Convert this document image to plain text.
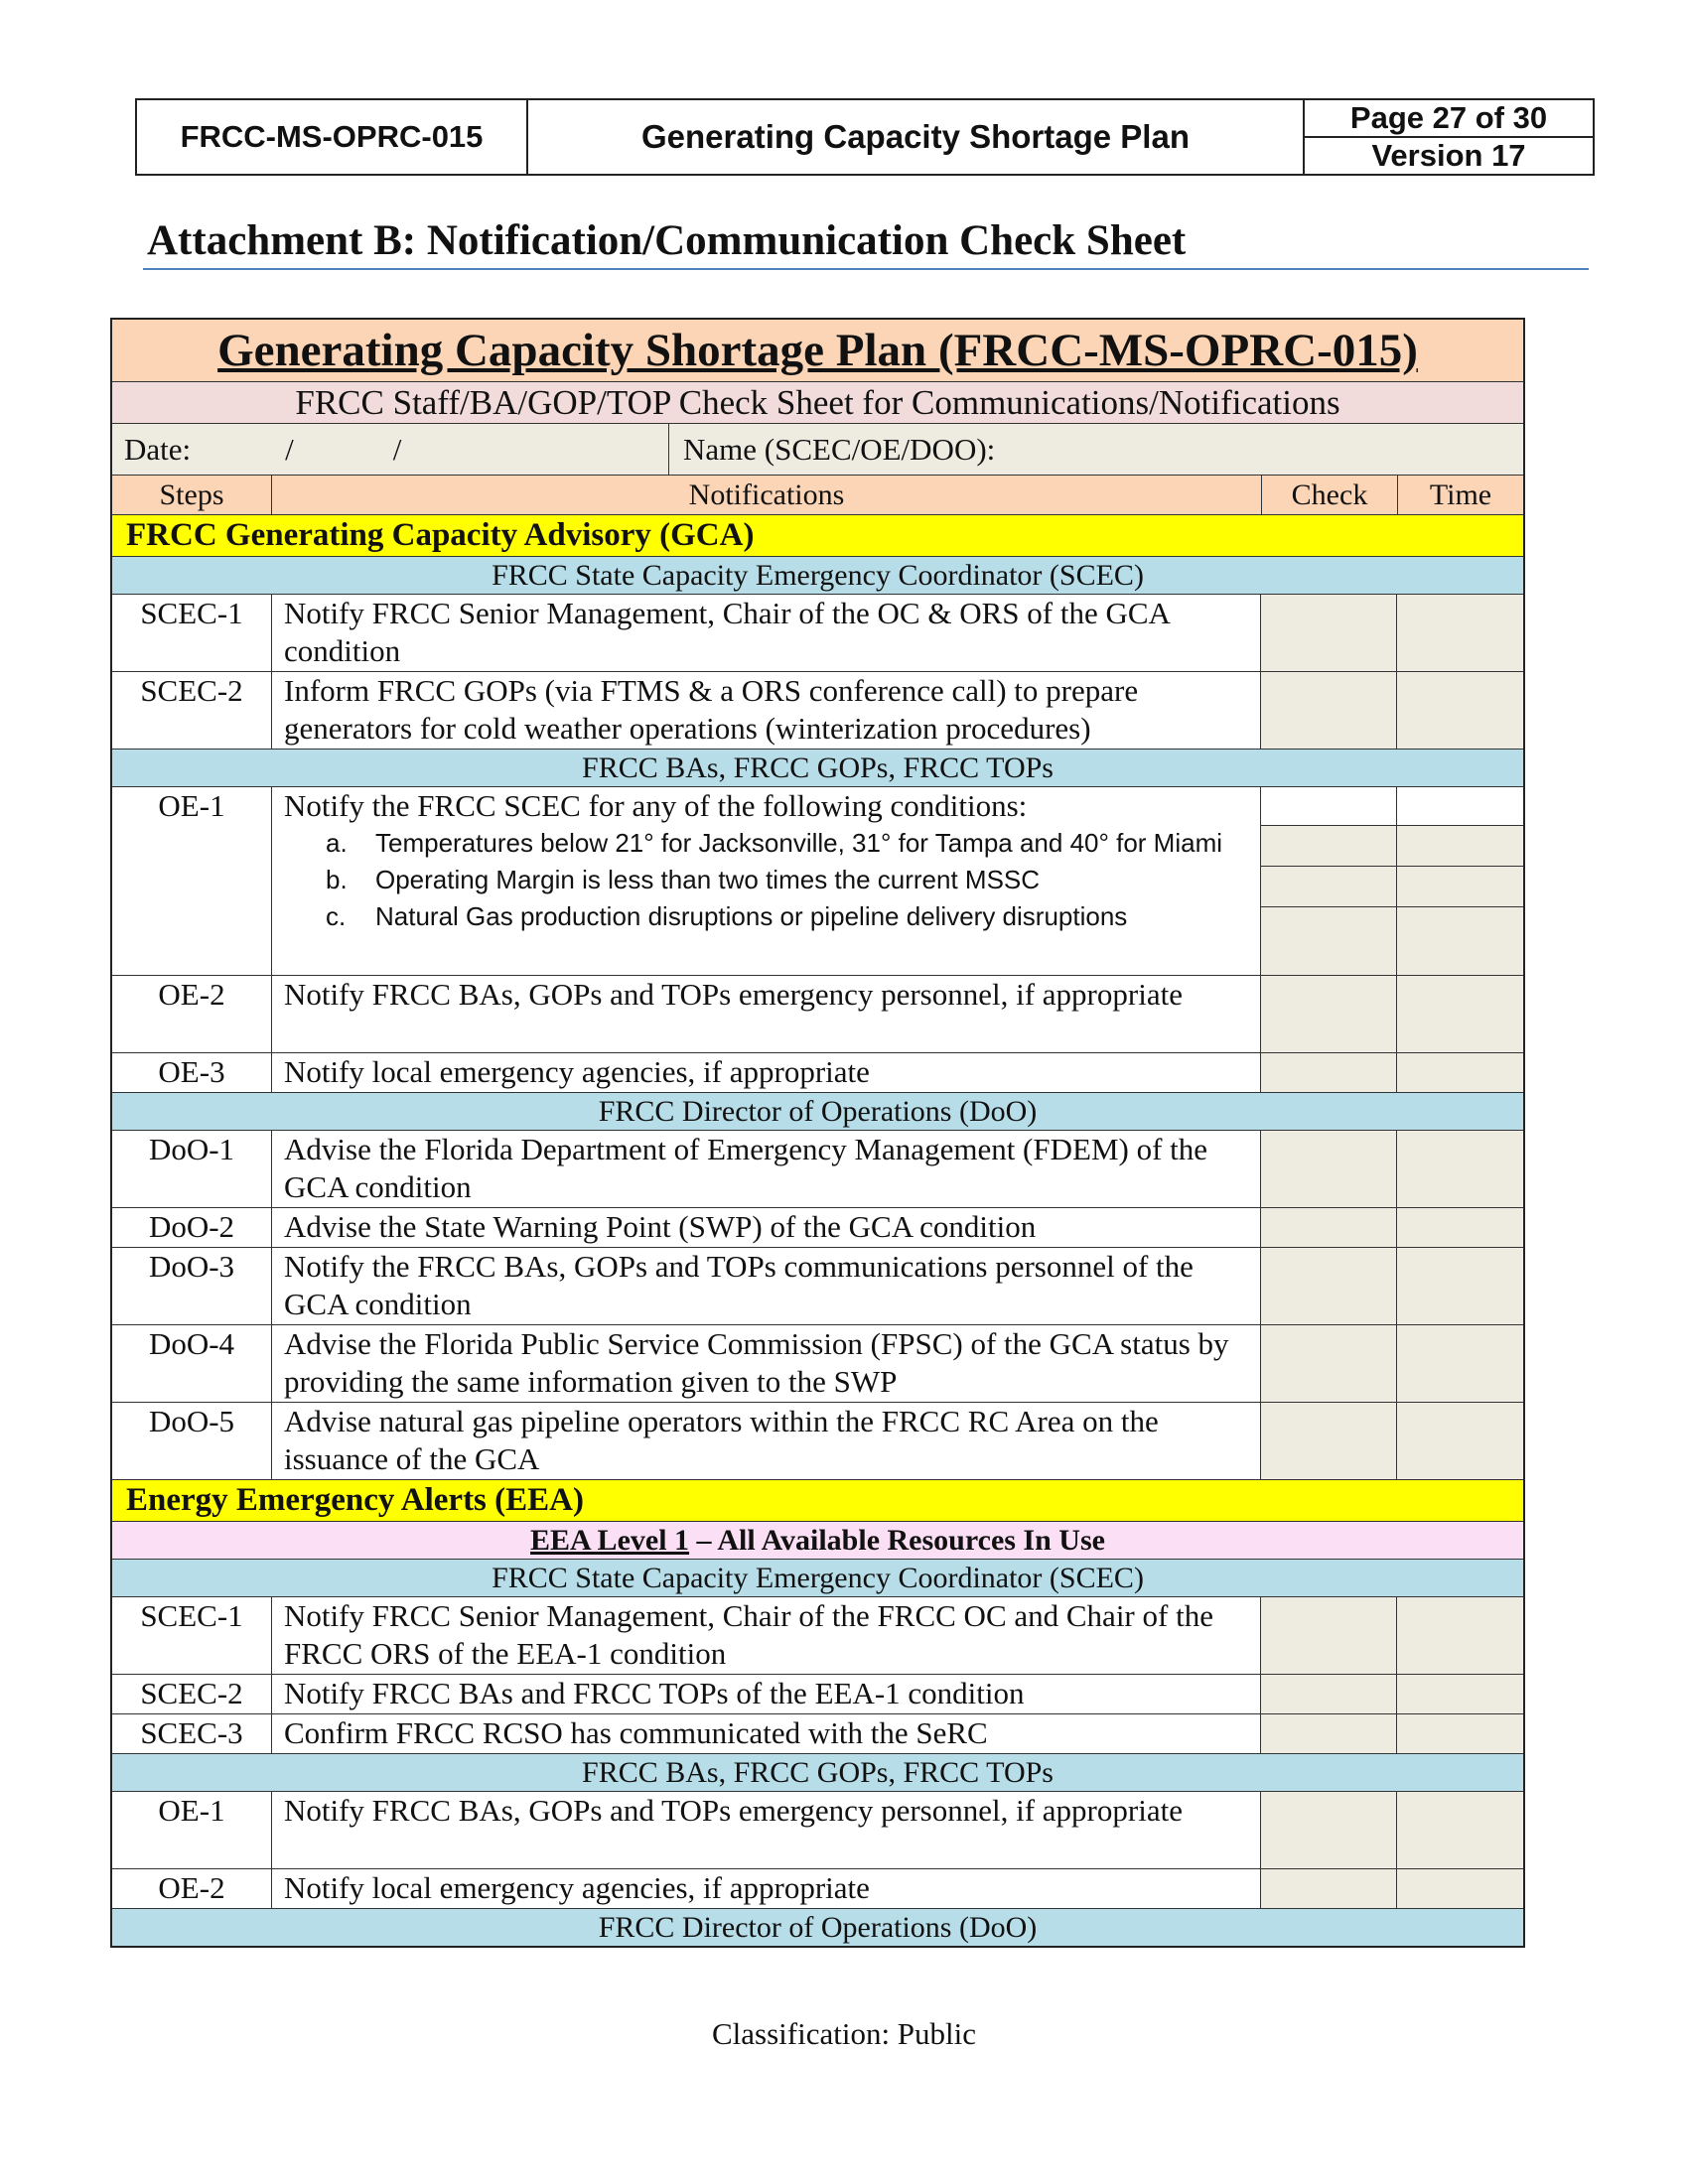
FRCC-MS-OPRC-015	Generating Capacity Shortage Plan
Page 27 of 30
Version 17
Attachment B: Notification/Communication Check Sheet
Generating Capacity Shortage Plan (FRCC-MS-OPRC-015)
FRCC Staff/BA/GOP/TOP Check Sheet for Communications/Notifications
Date:	/	/	Name (SCEC/OE/DOO):
Steps	Notifications	Check	Time
FRCC Generating Capacity Advisory (GCA)
FRCC State Capacity Emergency Coordinator (SCEC)
SCEC-1	Notify FRCC Senior Management, Chair of the OC & ORS of the GCA condition
SCEC-2	Inform FRCC GOPs (via FTMS & a ORS conference call) to prepare generators for cold weather operations (winterization procedures)
FRCC BAs, FRCC GOPs, FRCC TOPs
OE-1	Notify the FRCC SCEC for any of the following conditions:
a.	Temperatures below 21° for Jacksonville, 31° for Tampa and 40° for Miami
b.	Operating Margin is less than two times the current MSSC
c.	Natural Gas production disruptions or pipeline delivery disruptions
OE-2	Notify FRCC BAs, GOPs and TOPs emergency personnel, if appropriate
OE-3	Notify local emergency agencies, if appropriate
FRCC Director of Operations (DoO)
DoO-1	Advise the Florida Department of Emergency Management (FDEM) of the GCA condition
DoO-2	Advise the State Warning Point (SWP) of the GCA condition
DoO-3	Notify the FRCC BAs, GOPs and TOPs communications personnel of the GCA condition
DoO-4	Advise the Florida Public Service Commission (FPSC) of the GCA status by providing the same information given to the SWP
DoO-5	Advise natural gas pipeline operators within the FRCC RC Area on the issuance of the GCA
Energy Emergency Alerts (EEA)
EEA Level 1 – All Available Resources In Use
FRCC State Capacity Emergency Coordinator (SCEC)
SCEC-1	Notify FRCC Senior Management, Chair of the FRCC OC and Chair of the FRCC ORS of the EEA-1 condition
SCEC-2	Notify FRCC BAs and FRCC TOPs of the EEA-1 condition
SCEC-3	Confirm FRCC RCSO has communicated with the SeRC
FRCC BAs, FRCC GOPs, FRCC TOPs
OE-1	Notify FRCC BAs, GOPs and TOPs emergency personnel, if appropriate
OE-2	Notify local emergency agencies, if appropriate
FRCC Director of Operations (DoO)
Classification: Public
